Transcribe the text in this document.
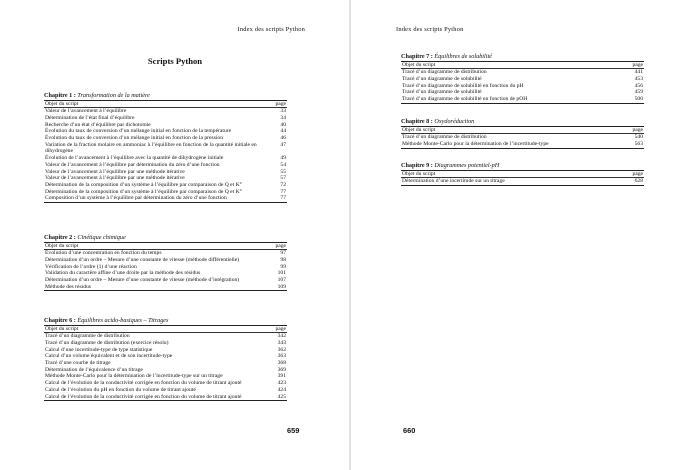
Index des scripts Python
Scripts Python
Chapitre 1 : Transformation de la matière
Objet du script	page
Valeur de l’avancement à l’équilibre	33
Détermination de l’état final d’équilibre	34
Recherche d’un état d’équilibre par dichotomie	40
Évolution du taux de conversion d’un mélange initial en fonction de la température	44
Évolution du taux de conversion d’un mélange initial en fonction de la pression	46
Variation de la fraction molaire en ammoniac à l’équilibre en fonction de la quantité initiale en dihydrogène	47
Évolution de l’avancement à l’équilibre avec la quantité de dihydrogène initiale	49
Valeur de l’avancement à l’équilibre par détermination du zéro d’une fonction	54
Valeur de l’avancement à l’équilibre par une méthode itérative	55
Valeur de l’avancement à l’équilibre par une méthode itérative	57
Détermination de la composition d’un système à l’équilibre par comparaison de Q et K°	72
Détermination de la composition d’un système à l’équilibre par comparaison de Q et K°	77
Composition d’un système à l’équilibre par détermination du zéro d’une fonction	77
Chapitre 2 : Cinétique chimique
Objet du script	page
Évolution d’une concentration en fonction du temps	97
Détermination d’un ordre – Mesure d’une constante de vitesse (méthode différentielle)	98
Vérification de l’ordre (1) d’une réaction	99
Validation du caractère affine d’une droite par la méthode des résidus	101
Détermination d’un ordre – Mesure d’une constante de vitesse (méthode d’intégration)	107
Méthode des résidus	109
Chapitre 6 : Équilibres acido-basiques – Titrages
Objet du script	page
Tracé d’un diagramme de distribution	342
Tracé d’un diagramme de distribution (exercice résolu)	343
Calcul d’une incertitude-type de type statistique	362
Calcul d’un volume équivalent et de son incertitude-type	363
Tracé d’une courbe de titrage	368
Détermination de l’équivalence d’un titrage	369
Méthode Monte-Carlo pour la détermination de l’incertitude-type sur un titrage	391
Calcul de l’évolution de la conductivité corrigée en fonction du volume de titrant ajouté	423
Calcul de l’évolution du pH en fonction du volume de titrant ajouté	424
Calcul de l’évolution de la conductivité corrigée en fonction du volume de titrant ajouté	425
659
Index des scripts Python
660
Chapitre 7 : Équilibres de solubilité
Objet du script	page
Tracé d’un diagramme de distribution	441
Tracé d’un diagramme de solubilité	453
Tracé d’un diagramme de solubilité en fonction du pH	456
Tracé d’un diagramme de solubilité	459
Tracé d’un diagramme de solubilité en fonction de pOH	500
Chapitre 8 : Oxydoréduction
Objet du script	page
Tracé d’un diagramme de distribution	540
Méthode Monte-Carlo pour la détermination de l’incertitude-type	563
Chapitre 9 : Diagrammes potentiel-pH
Objet du script	page
Détermination d’une incertitude sur un titrage	628
